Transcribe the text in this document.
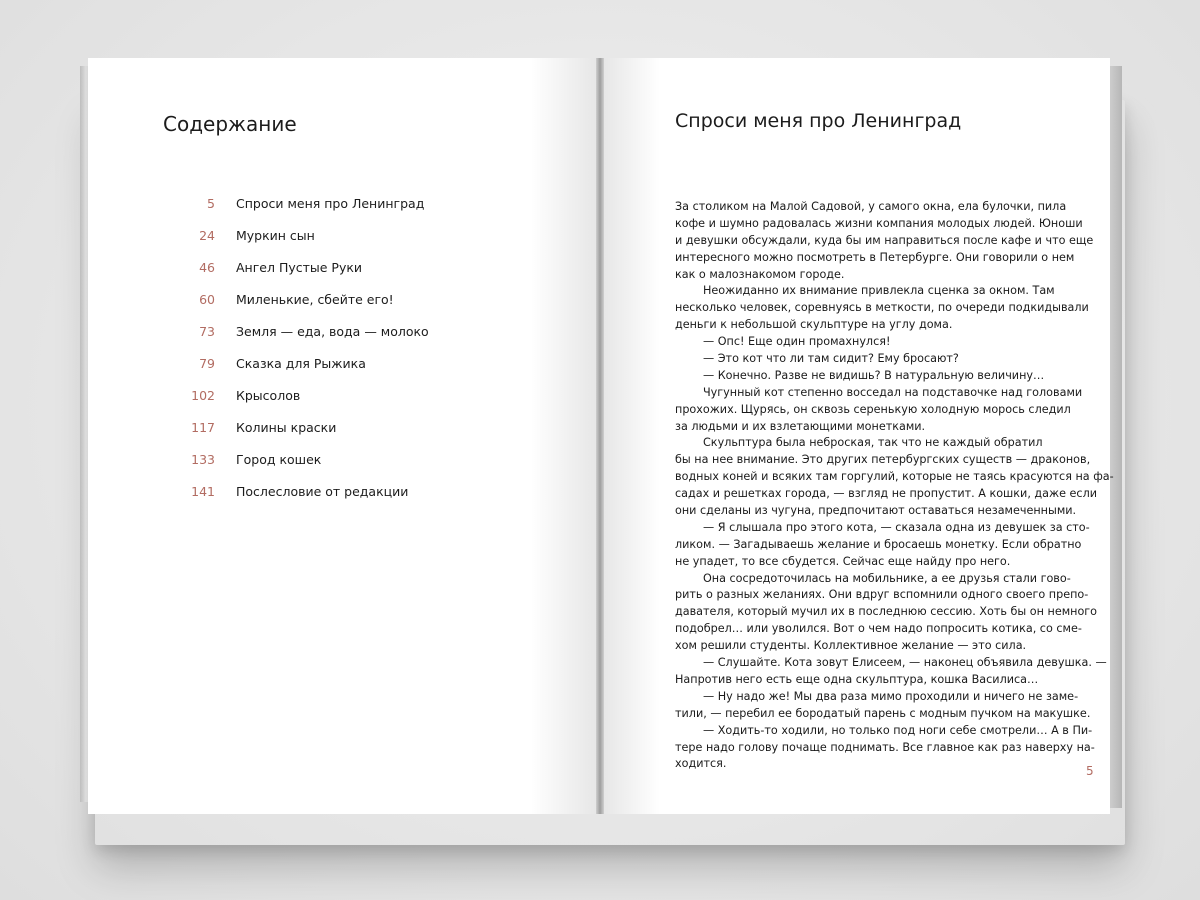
Содержание
5 Спроси меня про Ленинград
24 Муркин сын
46 Ангел Пустые Руки
60 Миленькие, сбейте его!
73 Земля — еда, вода — молоко
79 Сказка для Рыжика
102 Крысолов
117 Колины краски
133 Город кошек
141 Послесловие от редакции
Спроси меня про Ленинград
За столиком на Малой Садовой, у самого окна, ела булочки, пила
кофе и шумно радовалась жизни компания молодых людей. Юноши
и девушки обсуждали, куда бы им направиться после кафе и что еще
интересного можно посмотреть в Петербурге. Они говорили о нем
как о малознакомом городе.
Неожиданно их внимание привлекла сценка за окном. Там
несколько человек, соревнуясь в меткости, по очереди подкидывали
деньги к небольшой скульптуре на углу дома.
— Опс! Еще один промахнулся!
— Это кот что ли там сидит? Ему бросают?
— Конечно. Разве не видишь? В натуральную величину…
Чугунный кот степенно восседал на подставочке над головами
прохожих. Щурясь, он сквозь серенькую холодную морось следил
за людьми и их взлетающими монетками.
Скульптура была неброская, так что не каждый обратил
бы на нее внимание. Это других петербургских существ — драконов,
водных коней и всяких там горгулий, которые не таясь красуются на фа-
садах и решетках города, — взгляд не пропустит. А кошки, даже если
они сделаны из чугуна, предпочитают оставаться незамеченными.
— Я слышала про этого кота, — сказала одна из девушек за сто-
ликом. — Загадываешь желание и бросаешь монетку. Если обратно
не упадет, то все сбудется. Сейчас еще найду про него.
Она сосредоточилась на мобильнике, а ее друзья стали гово-
рить о разных желаниях. Они вдруг вспомнили одного своего препо-
давателя, который мучил их в последнюю сессию. Хоть бы он немного
подобрел… или уволился. Вот о чем надо попросить котика, со сме-
хом решили студенты. Коллективное желание — это сила.
— Слушайте. Кота зовут Елисеем, — наконец объявила девушка. —
Напротив него есть еще одна скульптура, кошка Василиса…
— Ну надо же! Мы два раза мимо проходили и ничего не заме-
тили, — перебил ее бородатый парень с модным пучком на макушке.
— Ходить-то ходили, но только под ноги себе смотрели… А в Пи-
тере надо голову почаще поднимать. Все главное как раз наверху на-
ходится.
5
